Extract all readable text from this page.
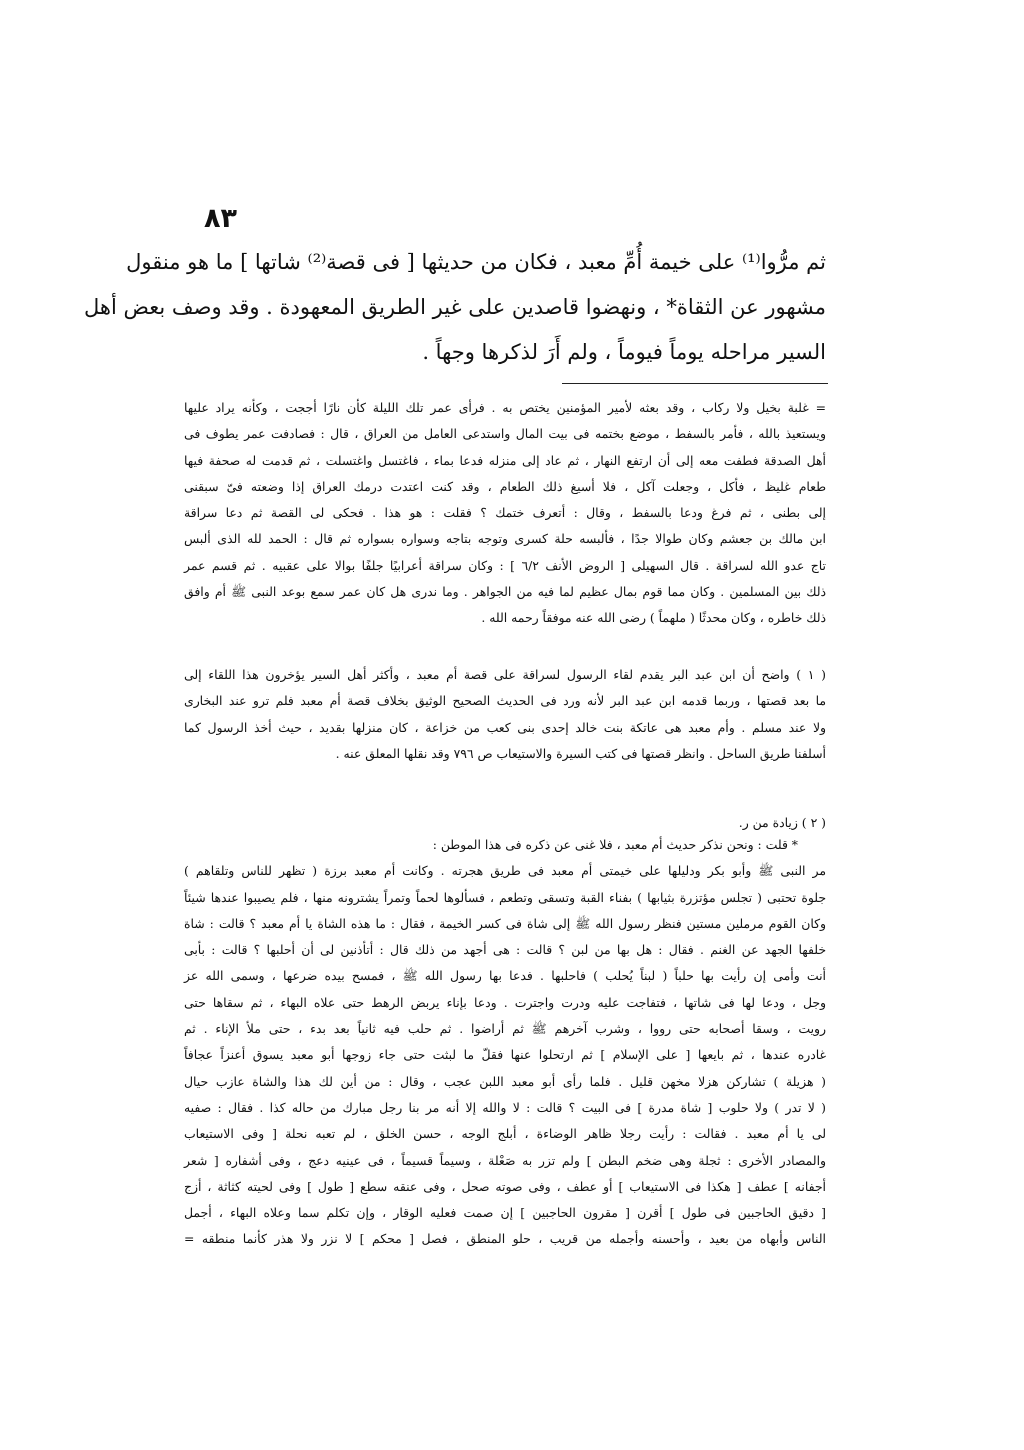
٨٣
ثم مرُّوا⁽¹⁾ على خيمة أُمِّ معبد ، فكان من حديثها [ فى قصة⁽²⁾ شاتها ] ما هو منقول
مشهور عن الثقاة* ، ونهضوا قاصدين على غير الطريق المعهودة . وقد وصف بعض أهل
السير مراحله يوماً فيوماً ، ولم أَرَ لذكرها وجهاً .
= غلبة بخيل ولا ركاب ، وقد بعثه لأمير المؤمنين يختص به . فرأى عمر تلك الليلة كأن نارًا أججت ، وكأنه يراد عليها
ويستعيذ بالله ، فأمر بالسفط ، موضع بختمه فى بيت المال واستدعى العامل من العراق ، قال : فصادفت عمر يطوف فى
أهل الصدقة فطفت معه إلى أن ارتفع النهار ، ثم عاد إلى منزله فدعا بماء ، فاغتسل واغتسلت ، ثم قدمت له صحفة فيها
طعام غليظ ، فأكل ، وجعلت آكل ، فلا أسيغ ذلك الطعام ، وقد كنت اعتدت درمك العراق إذا وضعته فىّ سبقنى
إلى بطنى ، ثم فرغ ودعا بالسفط ، وقال : أتعرف ختمك ؟ فقلت : هو هذا . فحكى لى القصة ثم دعا سراقة
ابن مالك بن جعشم وكان طوالا جدًا ، فألبسه حلة كسرى وتوجه بتاجه وسواره بسواره ثم قال : الحمد لله الذى ألبس
تاج عدو الله لسراقة . قال السهيلى [ الروض الأنف ٦/٢ ] : وكان سراقة أعرابيًا جلفًا بوالا على عقبيه . ثم قسم عمر
ذلك بين المسلمين . وكان مما قوم بمال عظيم لما فيه من الجواهر . وما ندرى هل كان عمر سمع بوعد النبى ﷺ أم وافق
ذلك خاطره ، وكان محدثًا ( ملهماً ) رضى الله عنه موفقاً رحمه الله .
( ١ ) واضح أن ابن عبد البر يقدم لقاء الرسول لسراقة على قصة أم معبد ، وأكثر أهل السير يؤخرون هذا اللقاء إلى
ما بعد قصتها ، وربما قدمه ابن عبد البر لأنه ورد فى الحديث الصحيح الوثيق بخلاف قصة أم معبد فلم ترو عند البخارى
ولا عند مسلم . وأم معبد هى عاتكة بنت خالد إحدى بنى كعب من خزاعة ، كان منزلها بقديد ، حيث أخذ الرسول كما
أسلفنا طريق الساحل . وانظر قصتها فى كتب السيرة والاستيعاب ص ٧٩٦ وقد نقلها المعلق عنه .
( ٢ ) زيادة من ر.
* قلت : ونحن نذكر حديث أم معبد ، فلا غنى عن ذكره فى هذا الموطن :
مر النبى ﷺ وأبو بكر ودليلها على خيمتى أم معبد فى طريق هجرته . وكانت أم معبد برزة ( تظهر للناس وتلقاهم )
جلوة تحتبى ( تجلس مؤتزرة بثيابها ) بفناء القبة وتسقى وتطعم ، فسألوها لحماً وتمراً يشترونه منها ، فلم يصيبوا عندها شيئاً
وكان القوم مرملين مستين فنظر رسول الله ﷺ إلى شاة فى كسر الخيمة ، فقال : ما هذه الشاة يا أم معبد ؟ قالت : شاة
خلفها الجهد عن الغنم . فقال : هل بها من لبن ؟ قالت : هى أجهد من ذلك قال : أتأذنين لى أن أحلبها ؟ قالت : بأبى
أنت وأمى إن رأيت بها حلباً ( لبناً يُحلب ) فاحلبها . فدعا بها رسول الله ﷺ ، فمسح بيده ضرعها ، وسمى الله عز
وجل ، ودعا لها فى شاتها ، فتفاجت عليه ودرت واجترت . ودعا بإناء يربض الرهط حتى علاه البهاء ، ثم سقاها حتى
رويت ، وسقا أصحابه حتى رووا ، وشرب آخرهم ﷺ ثم أراضوا . ثم حلب فيه ثانياً بعد بدء ، حتى ملأ الإناء . ثم
غادره عندها ، ثم بايعها [ على الإسلام ] ثم ارتحلوا عنها فقلّ ما لبثت حتى جاء زوجها أبو معبد يسوق أعنزاً عجافاً
( هزيلة ) تشاركن هزلا مخهن قليل . فلما رأى أبو معبد اللبن عجب ، وقال : من أين لك هذا والشاة عازب حيال
( لا تدر ) ولا حلوب [ شاة مدرة ] فى البيت ؟ قالت : لا والله إلا أنه مر بنا رجل مبارك من حاله كذا . فقال : صفيه
لى يا أم معبد . فقالت : رأيت رجلا ظاهر الوضاءة ، أبلج الوجه ، حسن الخلق ، لم تعبه نحلة [ وفى الاستيعاب
والمصادر الأخرى : ثجلة وهى ضخم البطن ] ولم تزر به صَعْلة ، وسيماً قسيماً ، فى عينيه دعج ، وفى أشفاره [ شعر
أجفانه ] عطف [ هكذا فى الاستيعاب ] أو عطف ، وفى صوته صحل ، وفى عنقه سطع [ طول ] وفى لحيته كثاثة ، أزج
[ دقيق الحاجبين فى طول ] أقرن [ مقرون الحاجبين ] إن صمت فعليه الوقار ، وإن تكلم سما وعلاه البهاء ، أجمل
الناس وأبهاه من بعيد ، وأحسنه وأجمله من قريب ، حلو المنطق ، فصل [ محكم ] لا نزر ولا هذر كأنما منطقه =
